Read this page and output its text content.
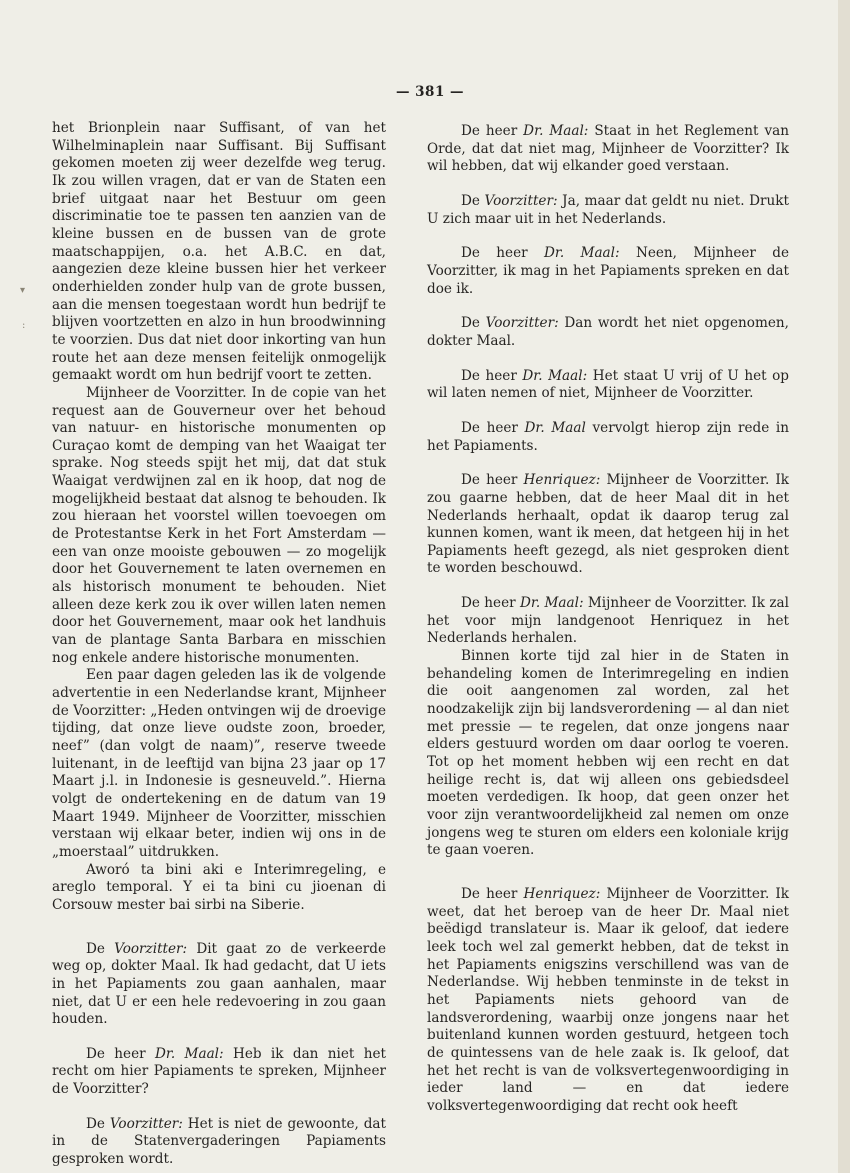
— 381 —
▾
:

het Brionplein naar Suffisant, of van het Wilhelminaplein naar Suffisant. Bij Suffisant gekomen moeten zij weer dezelfde weg terug. Ik zou willen vragen, dat er van de Staten een brief uitgaat naar het Bestuur om geen discriminatie toe te passen ten aanzien van de kleine bussen en de bussen van de grote maatschappijen, o.a. het A.B.C. en dat, aangezien deze kleine bussen hier het verkeer onderhielden zonder hulp van de grote bussen, aan die mensen toegestaan wordt hun bedrijf te blijven voortzetten en alzo in hun broodwinning te voorzien. Dus dat niet door inkorting van hun route het aan deze mensen feitelijk onmogelijk gemaakt wordt om hun bedrijf voort te zetten.

Mijnheer de Voorzitter. In de copie van het request aan de Gouverneur over het behoud van natuur- en historische monumenten op Curaçao komt de demping van het Waaigat ter sprake. Nog steeds spijt het mij, dat dat stuk Waaigat verdwijnen zal en ik hoop, dat nog de mogelijkheid bestaat dat alsnog te behouden. Ik zou hieraan het voorstel willen toevoegen om de Protestantse Kerk in het Fort Amsterdam — een van onze mooiste gebouwen — zo mogelijk door het Gouvernement te laten overnemen en als historisch monument te behouden. Niet alleen deze kerk zou ik over willen laten nemen door het Gouvernement, maar ook het landhuis van de plantage Santa Barbara en misschien nog enkele andere historische monumenten.

Een paar dagen geleden las ik de volgende advertentie in een Nederlandse krant, Mijnheer de Voorzitter: „Heden ontvingen wij de droevige tijding, dat onze lieve oudste zoon, broeder, neef” (dan volgt de naam)”, reserve tweede luitenant, in de leeftijd van bijna 23 jaar op 17 Maart j.l. in Indonesie is gesneuveld.”. Hierna volgt de ondertekening en de datum van 19 Maart 1949. Mijnheer de Voorzitter, misschien verstaan wij elkaar beter, indien wij ons in de „moerstaal” uitdrukken.

Aworó ta bini aki e Interimregeling, e areglo temporal. Y ei ta bini cu jioenan di Corsouw mester bai sirbi na Siberie.

De Voorzitter: Dit gaat zo de verkeerde weg op, dokter Maal. Ik had gedacht, dat U iets in het Papiaments zou gaan aanhalen, maar niet, dat U er een hele redevoering in zou gaan houden.

De heer Dr. Maal: Heb ik dan niet het recht om hier Papiaments te spreken, Mijnheer de Voorzitter?

De Voorzitter: Het is niet de gewoonte, dat in de Statenvergaderingen Papiaments gesproken wordt.

De heer Dr. Maal: Staat in het Reglement van Orde, dat dat niet mag, Mijnheer de Voorzitter? Ik wil hebben, dat wij elkander goed verstaan.

De Voorzitter: Ja, maar dat geldt nu niet. Drukt U zich maar uit in het Nederlands.

De heer Dr. Maal: Neen, Mijnheer de Voorzitter, ik mag in het Papiaments spreken en dat doe ik.

De Voorzitter: Dan wordt het niet opgenomen, dokter Maal.

De heer Dr. Maal: Het staat U vrij of U het op wil laten nemen of niet, Mijnheer de Voorzitter.

De heer Dr. Maal vervolgt hierop zijn rede in het Papiaments.

De heer Henriquez: Mijnheer de Voorzitter. Ik zou gaarne hebben, dat de heer Maal dit in het Nederlands herhaalt, opdat ik daarop terug zal kunnen komen, want ik meen, dat hetgeen hij in het Papiaments heeft gezegd, als niet gesproken dient te worden beschouwd.

De heer Dr. Maal: Mijnheer de Voorzitter. Ik zal het voor mijn landgenoot Henriquez in het Nederlands herhalen.

Binnen korte tijd zal hier in de Staten in behandeling komen de Interimregeling en indien die ooit aangenomen zal worden, zal het noodzakelijk zijn bij landsverordening — al dan niet met pressie — te regelen, dat onze jongens naar elders gestuurd worden om daar oorlog te voeren. Tot op het moment hebben wij een recht en dat heilige recht is, dat wij alleen ons gebiedsdeel moeten verdedigen. Ik hoop, dat geen onzer het voor zijn verantwoordelijkheid zal nemen om onze jongens weg te sturen om elders een koloniale krijg te gaan voeren.

De heer Henriquez: Mijnheer de Voorzitter. Ik weet, dat het beroep van de heer Dr. Maal niet beëdigd translateur is. Maar ik geloof, dat iedere leek toch wel zal gemerkt hebben, dat de tekst in het Papiaments enigszins verschillend was van de Nederlandse. Wij hebben tenminste in de tekst in het Papiaments niets gehoord van de landsverordening, waarbij onze jongens naar het buitenland kunnen worden gestuurd, hetgeen toch de quintessens van de hele zaak is. Ik geloof, dat het het recht is van de volksvertegenwoordiging in ieder land — en dat iedere volksvertegenwoordiging dat recht ook heeft
